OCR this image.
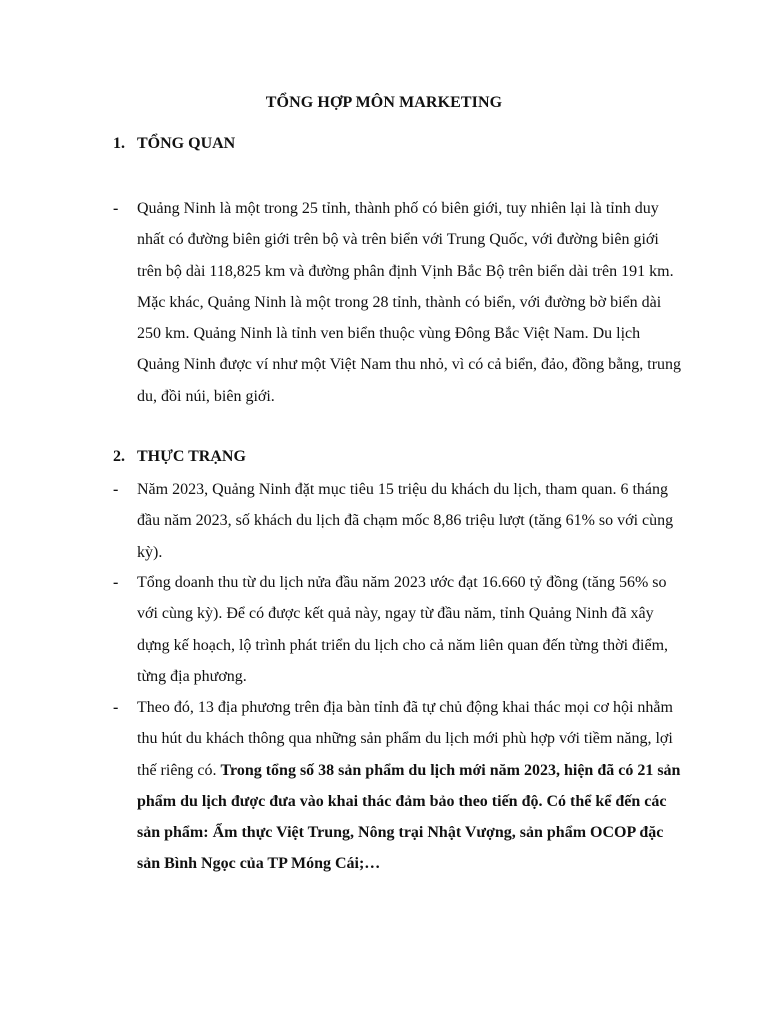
TỔNG HỢP MÔN MARKETING
1. TỔNG QUAN
- Quảng Ninh là một trong 25 tỉnh, thành phố có biên giới, tuy nhiên lại là tỉnh duy nhất có đường biên giới trên bộ và trên biển với Trung Quốc, với đường biên giới trên bộ dài 118,825 km và đường phân định Vịnh Bắc Bộ trên biển dài trên 191 km. Mặc khác, Quảng Ninh là một trong 28 tỉnh, thành có biển, với đường bờ biển dài 250 km. Quảng Ninh là tỉnh ven biển thuộc vùng Đông Bắc Việt Nam. Du lịch Quảng Ninh được ví như một Việt Nam thu nhỏ, vì có cả biển, đảo, đồng bằng, trung du, đồi núi, biên giới.
2. THỰC TRẠNG
- Năm 2023, Quảng Ninh đặt mục tiêu 15 triệu du khách du lịch, tham quan. 6 tháng đầu năm 2023, số khách du lịch đã chạm mốc 8,86 triệu lượt (tăng 61% so với cùng kỳ).
- Tổng doanh thu từ du lịch nửa đầu năm 2023 ước đạt 16.660 tỷ đồng (tăng 56% so với cùng kỳ). Để có được kết quả này, ngay từ đầu năm, tỉnh Quảng Ninh đã xây dựng kế hoạch, lộ trình phát triển du lịch cho cả năm liên quan đến từng thời điểm, từng địa phương.
- Theo đó, 13 địa phương trên địa bàn tỉnh đã tự chủ động khai thác mọi cơ hội nhằm thu hút du khách thông qua những sản phẩm du lịch mới phù hợp với tiềm năng, lợi thế riêng có. Trong tổng số 38 sản phẩm du lịch mới năm 2023, hiện đã có 21 sản phẩm du lịch được đưa vào khai thác đảm bảo theo tiến độ. Có thể kể đến các sản phẩm: Ẩm thực Việt Trung, Nông trại Nhật Vượng, sản phẩm OCOP đặc sản Bình Ngọc của TP Móng Cái;…
